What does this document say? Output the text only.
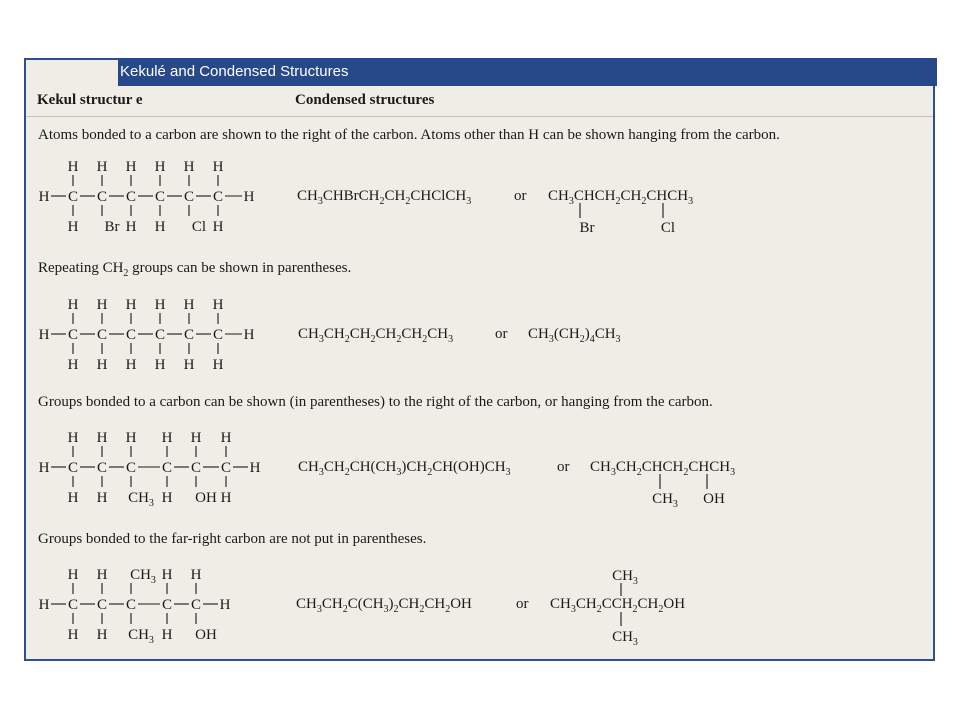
Kekulé and Condensed Structures
Kekul structur e	Condensed structures
Atoms bonded to a carbon are shown to the right of the carbon. Atoms other than H can be shown hanging from the carbon.
H C
H
H
C
H
Br
C
H
H
C
H
H
C
H
Cl
C
H
H
H	$CH_3CHBrCH_2CH_2CHClCH_3$	or $CH_3CHCH_2CH_2CHCH_3$
Br	Cl
Repeating $CH_2$ groups can be shown in parentheses.
H C
H
H
C
H
H
C
H
H
C
H
H
C
H
H
C
H
H
H	$CH_3CH_2CH_2CH_2CH_2CH_3$	or $CH_3(CH_2)_4CH_3$
Groups bonded to a carbon can be shown (in parentheses) to the right of the carbon, or hanging from the carbon.
H C
H
H
C
H
H
C
H
$CH_3$
C
H
H
C
H
OH
C
H
H
H	$CH_3CH_2CH(CH_3)CH_2CH(OH)CH_3$	or $CH_3CH_2CHCH_2CHCH_3$
$CH_3$ OH
Groups bonded to the far-right carbon are not put in parentheses.
H C
H
H
C
H
H
C
$CH_3$
$CH_3$
C
H
H
C
H
OH
H	$CH_3CH_2C(CH_3)_2CH_2CH_2OH$	or $CH_3CH_2CCH_2CH_2OH$
$CH_3$
$CH_3$
